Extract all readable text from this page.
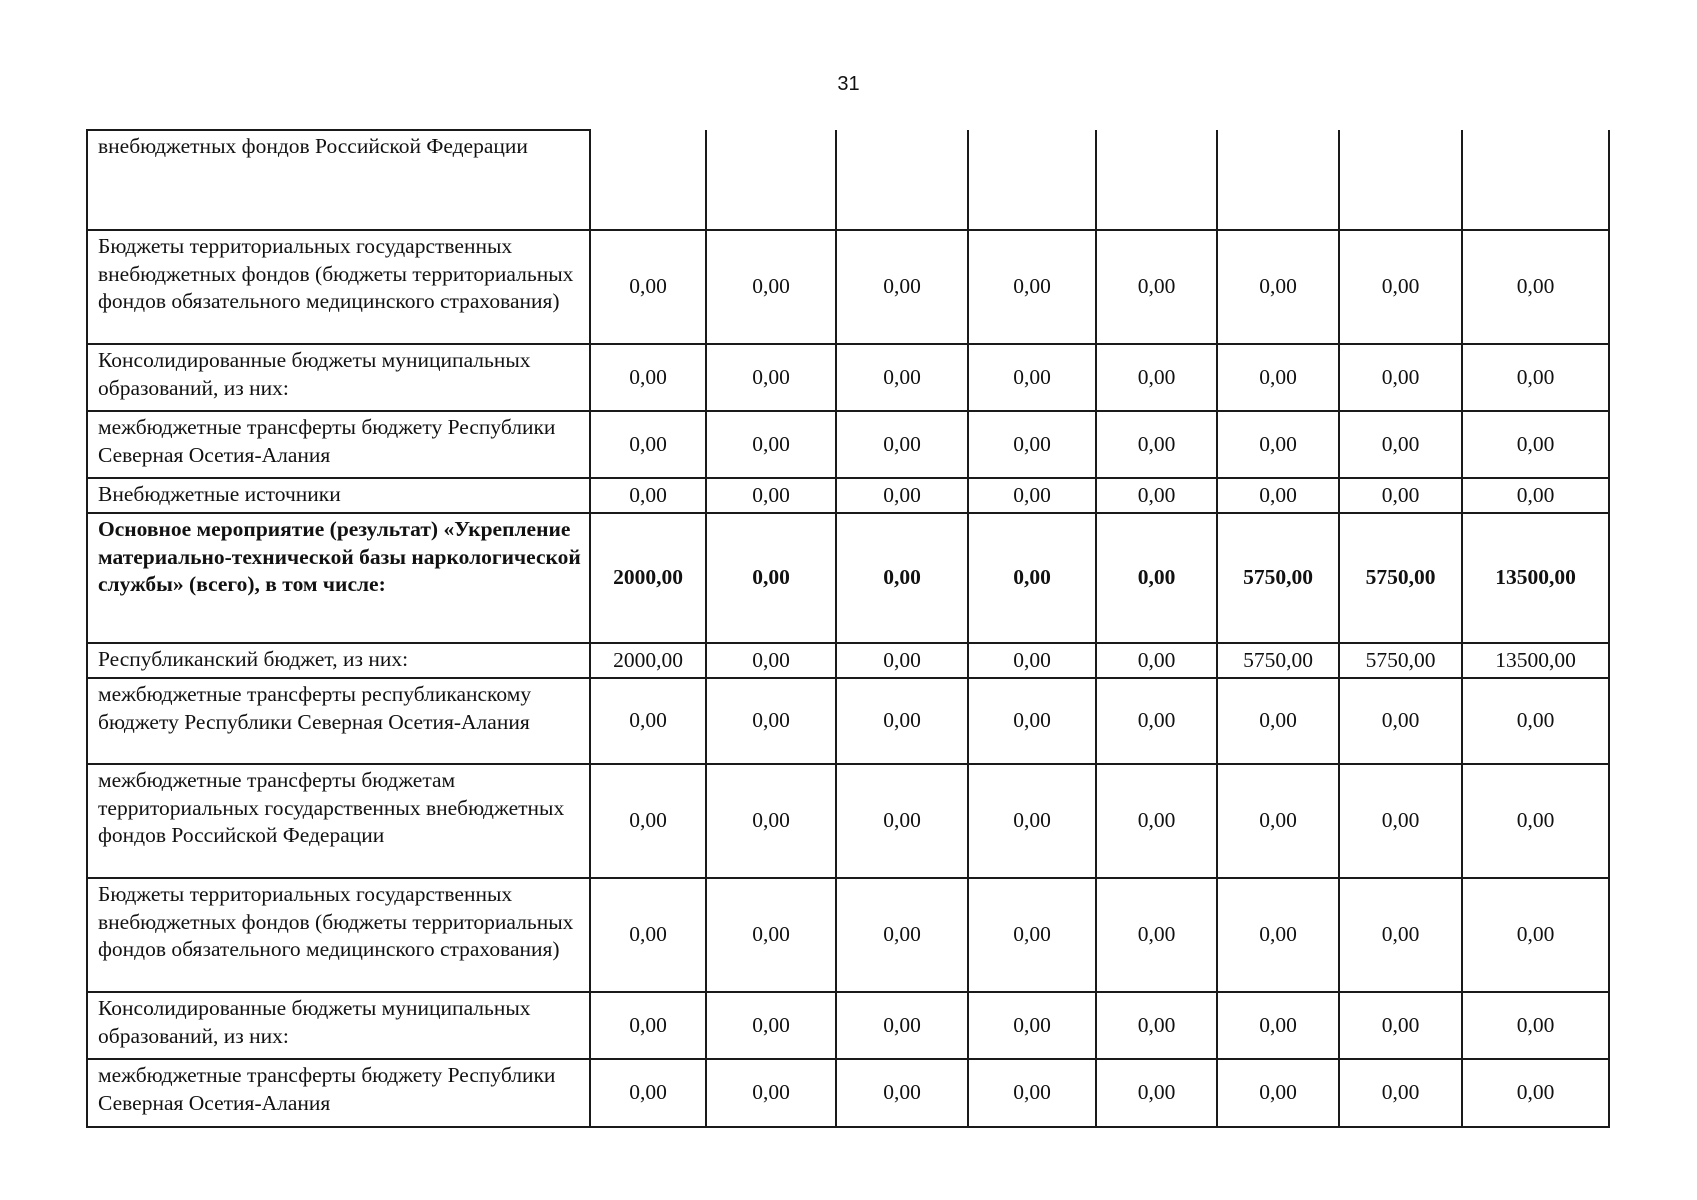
31
внебюджетных фондов Российской Федерации								
Бюджеты территориальных государственных внебюджетных фондов (бюджеты территориальных фондов обязательного медицинского страхования)	0,00	0,00	0,00	0,00	0,00	0,00	0,00	0,00
Консолидированные бюджеты муниципальных образований, из них:	0,00	0,00	0,00	0,00	0,00	0,00	0,00	0,00
межбюджетные трансферты бюджету Республики Северная Осетия-Алания	0,00	0,00	0,00	0,00	0,00	0,00	0,00	0,00
Внебюджетные источники	0,00	0,00	0,00	0,00	0,00	0,00	0,00	0,00
Основное мероприятие (результат) «Укрепление материально-технической базы наркологической службы» (всего), в том числе:	2000,00	0,00	0,00	0,00	0,00	5750,00	5750,00	13500,00
Республиканский бюджет, из них:	2000,00	0,00	0,00	0,00	0,00	5750,00	5750,00	13500,00
межбюджетные трансферты республиканскому бюджету Республики Северная Осетия-Алания	0,00	0,00	0,00	0,00	0,00	0,00	0,00	0,00
межбюджетные трансферты бюджетам территориальных государственных внебюджетных фондов Российской Федерации	0,00	0,00	0,00	0,00	0,00	0,00	0,00	0,00
Бюджеты территориальных государственных внебюджетных фондов (бюджеты территориальных фондов обязательного медицинского страхования)	0,00	0,00	0,00	0,00	0,00	0,00	0,00	0,00
Консолидированные бюджеты муниципальных образований, из них:	0,00	0,00	0,00	0,00	0,00	0,00	0,00	0,00
межбюджетные трансферты бюджету Республики Северная Осетия-Алания	0,00	0,00	0,00	0,00	0,00	0,00	0,00	0,00
